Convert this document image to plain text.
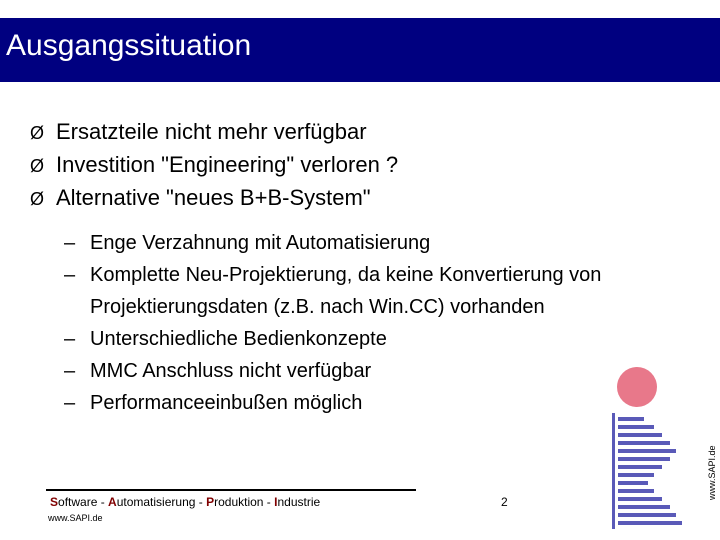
Ausgangssituation
Ø Ersatzteile nicht mehr verfügbar
Ø Investition "Engineering" verloren ?
Ø Alternative "neues B+B-System"
– Enge Verzahnung mit Automatisierung
– Komplette Neu-Projektierung, da keine Konvertierung von Projektierungsdaten (z.B. nach Win.CC) vorhanden
– Unterschiedliche Bedienkonzepte
– MMC Anschluss nicht verfügbar
– Performanceeinbußen möglich
Software - Automatisierung - Produktion - Industrie
www.SAPI.de
2
www.SAPI.de
